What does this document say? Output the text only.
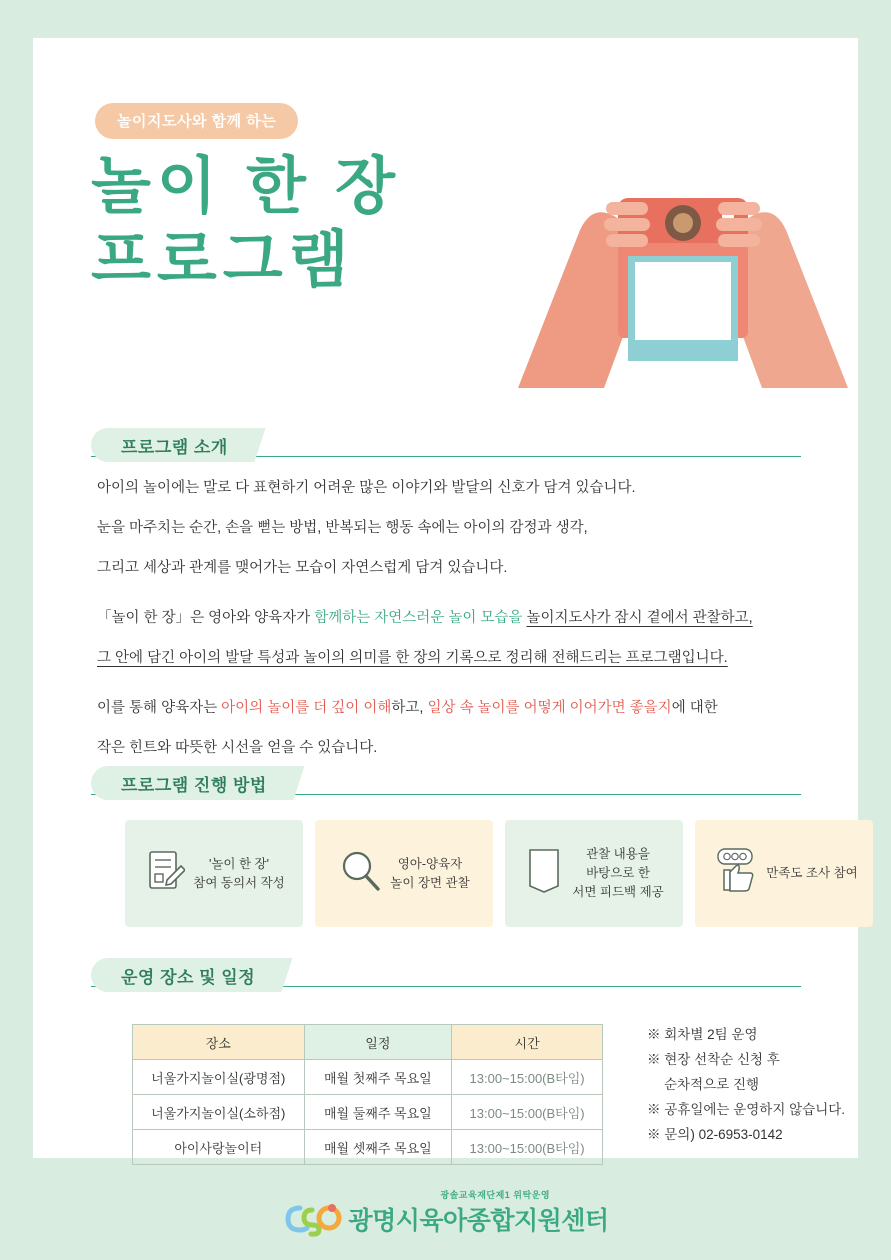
놀이지도사와 함께 하는
놀이 한 장
프로그램
프로그램 소개

아이의 놀이에는 말로 다 표현하기 어려운 많은 이야기와 발달의 신호가 담겨 있습니다.

눈을 마주치는 순간, 손을 뻗는 방법, 반복되는 행동 속에는 아이의 감정과 생각,

그리고 세상과 관계를 맺어가는 모습이 자연스럽게 담겨 있습니다.

「놀이 한 장」은 영아와 양육자가 함께하는 자연스러운 놀이 모습을 놀이지도사가 잠시 곁에서 관찰하고,

그 안에 담긴 아이의 발달 특성과 놀이의 의미를 한 장의 기록으로 정리해 전해드리는 프로그램입니다.

이를 통해 양육자는 아이의 놀이를 더 깊이 이해하고, 일상 속 놀이를 어떻게 이어가면 좋을지에 대한

작은 힌트와 따뜻한 시선을 얻을 수 있습니다.

프로그램 진행 방법
'놀이 한 장'
참여 동의서 작성
영아-양육자
놀이 장면 관찰
관찰 내용을
바탕으로 한
서면 피드백 제공
만족도 조사 참여
운영 장소 및 일정
장소	일정	시간
너울가지놀이실(광명점)	매월 첫째주 목요일	13:00~15:00(B타임)
너울가지놀이실(소하점)	매월 둘째주 목요일	13:00~15:00(B타임)
아이사랑놀이터	매월 셋째주 목요일	13:00~15:00(B타임)
※ 회차별 2팀 운영
※ 현장 선착순 신청 후
순차적으로 진행
※ 공휴일에는 운영하지 않습니다.
※ 문의) 02-6953-0142
광솔교육재단제1 위탁운영
광명시육아종합지원센터
